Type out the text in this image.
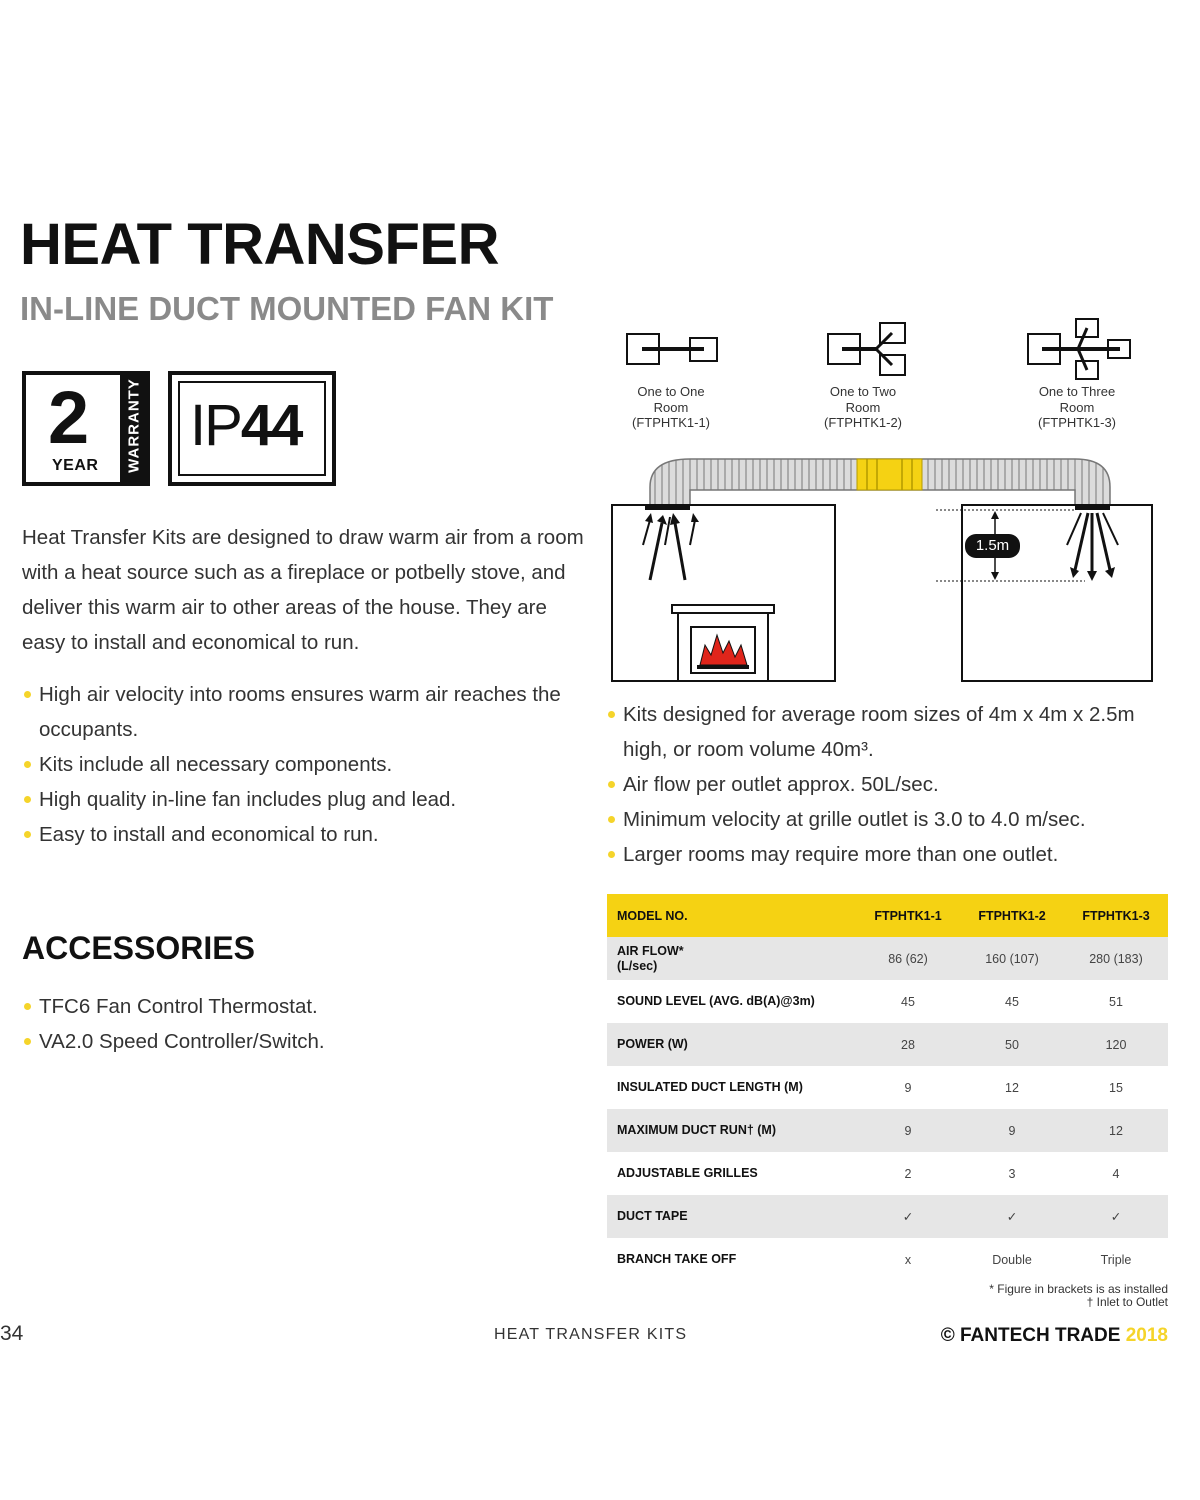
HEAT TRANSFER
IN-LINE DUCT MOUNTED FAN KIT
2
YEAR WARRANTY IP44

Heat Transfer Kits are designed to draw warm air from a room with a heat source such as a fireplace or potbelly stove, and deliver this warm air to other areas of the house. They are easy to install and economical to run.

High air velocity into rooms ensures warm air reaches the occupants.
Kits include all necessary components.
High quality in-line fan includes plug and lead.
Easy to install and economical to run.
ACCESSORIES
TFC6 Fan Control Thermostat.
VA2.0 Speed Controller/Switch.
One to One
Room
(FTPHTK1-1)
One to Two
Room
(FTPHTK1-2)
One to Three
Room
(FTPHTK1-3)
1.5m
Kits designed for average room sizes of 4m x 4m x 2.5m high, or room volume 40m³.
Air flow per outlet approx. 50L/sec.
Minimum velocity at grille outlet is 3.0 to 4.0 m/sec.
Larger rooms may require more than one outlet.
MODEL NO.	FTPHTK1-1	FTPHTK1-2	FTPHTK1-3

AIR FLOW*
(L/sec)	86 (62)	160 (107)	280 (183)
SOUND LEVEL (AVG. dB(A)@3m)	45	45	51
POWER (W)	28	50	120
INSULATED DUCT LENGTH (M)	9	12	15
MAXIMUM DUCT RUN† (M)	9	9	12
ADJUSTABLE GRILLES	2	3	4
DUCT TAPE	✓	✓	✓
BRANCH TAKE OFF	x	Double	Triple
* Figure in brackets is as installed
† Inlet to Outlet
34	HEAT TRANSFER KITS	© FANTECH TRADE 2018
